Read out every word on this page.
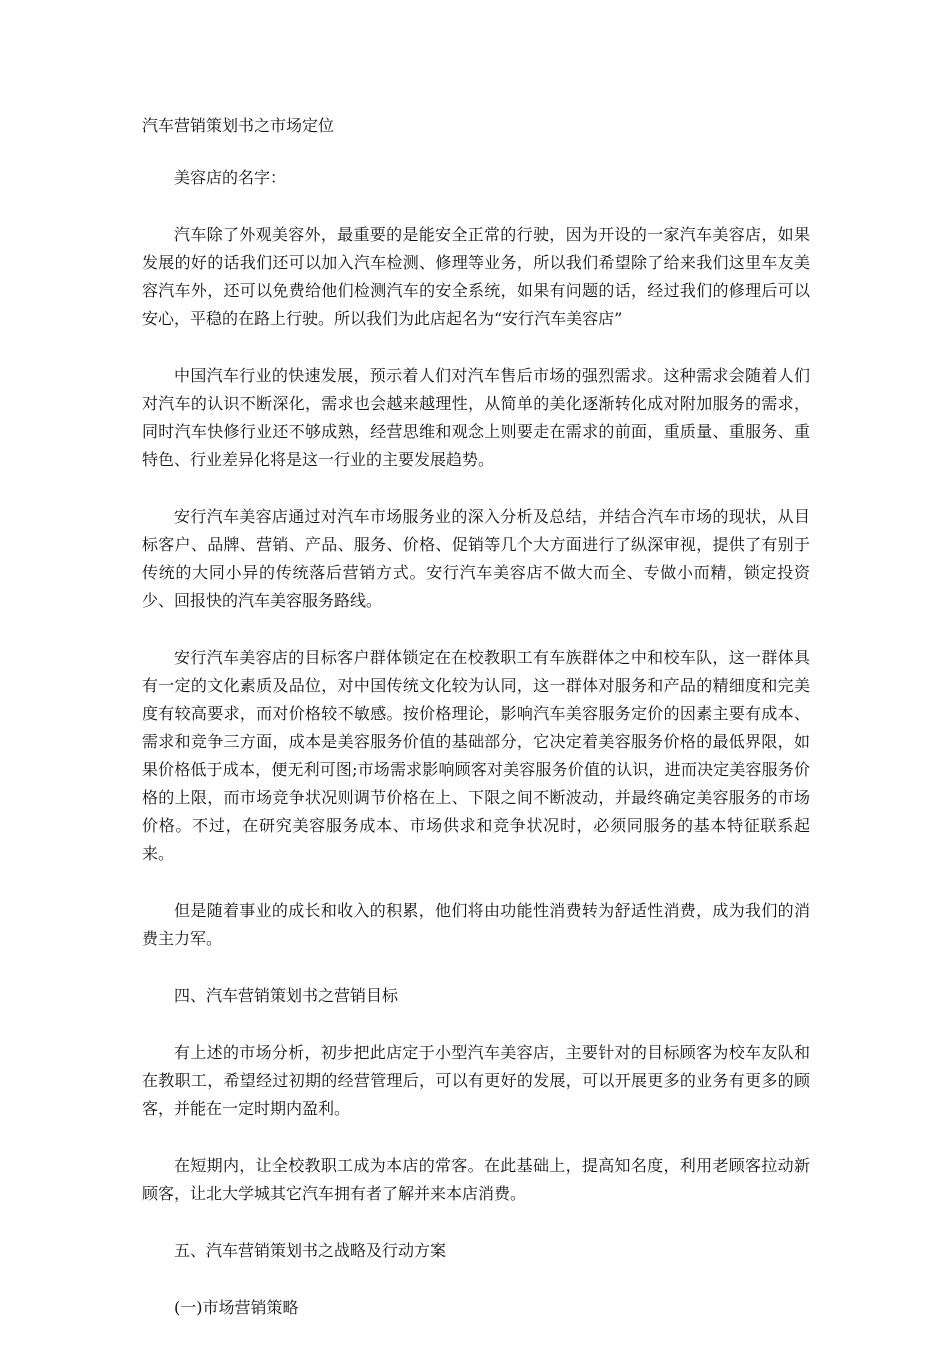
汽车营销策划书之市场定位

美容店的名字：

汽车除了外观美容外，最重要的是能安全正常的行驶，因为开设的一家汽车美容店，如果发展的好的话我们还可以加入汽车检测、修理等业务，所以我们希望除了给来我们这里车友美容汽车外，还可以免费给他们检测汽车的安全系统，如果有问题的话，经过我们的修理后可以安心，平稳的在路上行驶。所以我们为此店起名为“安行汽车美容店”

中国汽车行业的快速发展，预示着人们对汽车售后市场的强烈需求。这种需求会随着人们对汽车的认识不断深化，需求也会越来越理性，从简单的美化逐渐转化成对附加服务的需求，同时汽车快修行业还不够成熟，经营思维和观念上则要走在需求的前面，重质量、重服务、重特色、行业差异化将是这一行业的主要发展趋势。

安行汽车美容店通过对汽车市场服务业的深入分析及总结，并结合汽车市场的现状，从目标客户、品牌、营销、产品、服务、价格、促销等几个大方面进行了纵深审视，提供了有别于传统的大同小异的传统落后营销方式。安行汽车美容店不做大而全、专做小而精，锁定投资少、回报快的汽车美容服务路线。

安行汽车美容店的目标客户群体锁定在在校教职工有车族群体之中和校车队，这一群体具有一定的文化素质及品位，对中国传统文化较为认同，这一群体对服务和产品的精细度和完美度有较高要求，而对价格较不敏感。按价格理论，影响汽车美容服务定价的因素主要有成本、需求和竞争三方面，成本是美容服务价值的基础部分，它决定着美容服务价格的最低界限，如果价格低于成本，便无利可图;市场需求影响顾客对美容服务价值的认识，进而决定美容服务价格的上限，而市场竞争状况则调节价格在上、下限之间不断波动，并最终确定美容服务的市场价格。不过，在研究美容服务成本、市场供求和竞争状况时，必须同服务的基本特征联系起来。

但是随着事业的成长和收入的积累，他们将由功能性消费转为舒适性消费，成为我们的消费主力军。

四、汽车营销策划书之营销目标

有上述的市场分析，初步把此店定于小型汽车美容店，主要针对的目标顾客为校车友队和在教职工，希望经过初期的经营管理后，可以有更好的发展，可以开展更多的业务有更多的顾客，并能在一定时期内盈利。

在短期内，让全校教职工成为本店的常客。在此基础上，提高知名度，利用老顾客拉动新顾客，让北大学城其它汽车拥有者了解并来本店消费。

五、汽车营销策划书之战略及行动方案

(一)市场营销策略
